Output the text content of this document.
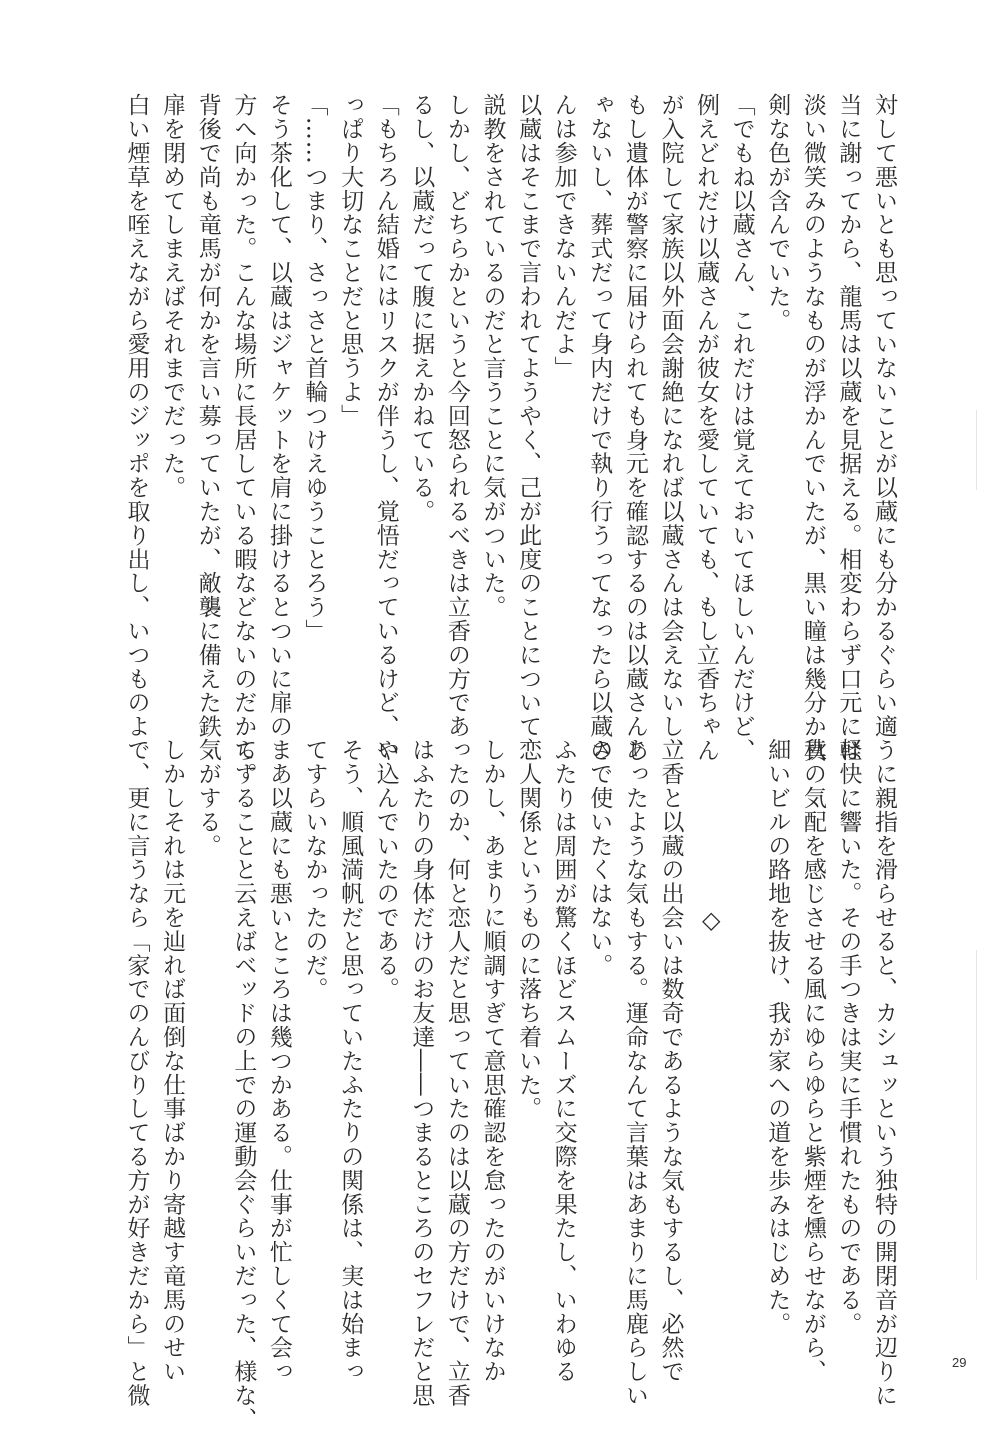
対して悪いとも思っていないことが以蔵にも分かるぐらい適

当に謝ってから、龍馬は以蔵を見据える。相変わらず口元には

淡い微笑みのようなものが浮かんでいたが、黒い瞳は幾分か真

剣な色が含んでいた。

「でもね以蔵さん、これだけは覚えておいてほしいんだけど、

例えどれだけ以蔵さんが彼女を愛していても、もし立香ちゃん

が入院して家族以外面会謝絶になれば以蔵さんは会えないし、

もし遺体が警察に届けられても身元を確認するのは以蔵さんじ

ゃないし、葬式だって身内だけで執り行うってなったら以蔵さ

んは参加できないんだよ」

以蔵はそこまで言われてようやく、己が此度のことについて

説教をされているのだと言うことに気がついた。

しかし、どちらかというと今回怒られるべきは立香の方であ

るし、以蔵だって腹に据えかねている。

「もちろん結婚にはリスクが伴うし、覚悟だっているけど、や

っぱり大切なことだと思うよ」

「……つまり、さっさと首輪つけえゆうことろう」

そう茶化して、以蔵はジャケットを肩に掛けるとついに扉の

方へ向かった。こんな場所に長居している暇などないのだから。

背後で尚も竜馬が何かを言い募っていたが、敵襲に備えた鉄

扉を閉めてしまえばそれまでだった。

白い煙草を咥えながら愛用のジッポを取り出し、いつものよ

うに親指を滑らせると、カシュッという独特の開閉音が辺りに

軽快に響いた。その手つきは実に手慣れたものである。

秋の気配を感じさせる風にゆらゆらと紫煙を燻らせながら、

細いビルの路地を抜け、我が家への道を歩みはじめた。

立香と以蔵の出会いは数奇であるような気もするし、必然で

あったような気もする。運命なんて言葉はあまりに馬鹿らしい

ので使いたくはない。

ふたりは周囲が驚くほどスムーズに交際を果たし、いわゆる

恋人関係というものに落ち着いた。

しかし、あまりに順調すぎて意思確認を怠ったのがいけなか

ったのか、何と恋人だと思っていたのは以蔵の方だけで、立香

はふたりの身体だけのお友達――つまるところのセフレだと思

い込んでいたのである。

そう、順風満帆だと思っていたふたりの関係は、実は始まっ

てすらいなかったのだ。

まあ以蔵にも悪いところは幾つかある。仕事が忙しくて会っ

てすることと云えばベッドの上での運動会ぐらいだった、様な、

気がする。

しかしそれは元を辿れば面倒な仕事ばかり寄越す竜馬のせい

で、更に言うなら「家でのんびりしてる方が好きだから」と微	◇
29
